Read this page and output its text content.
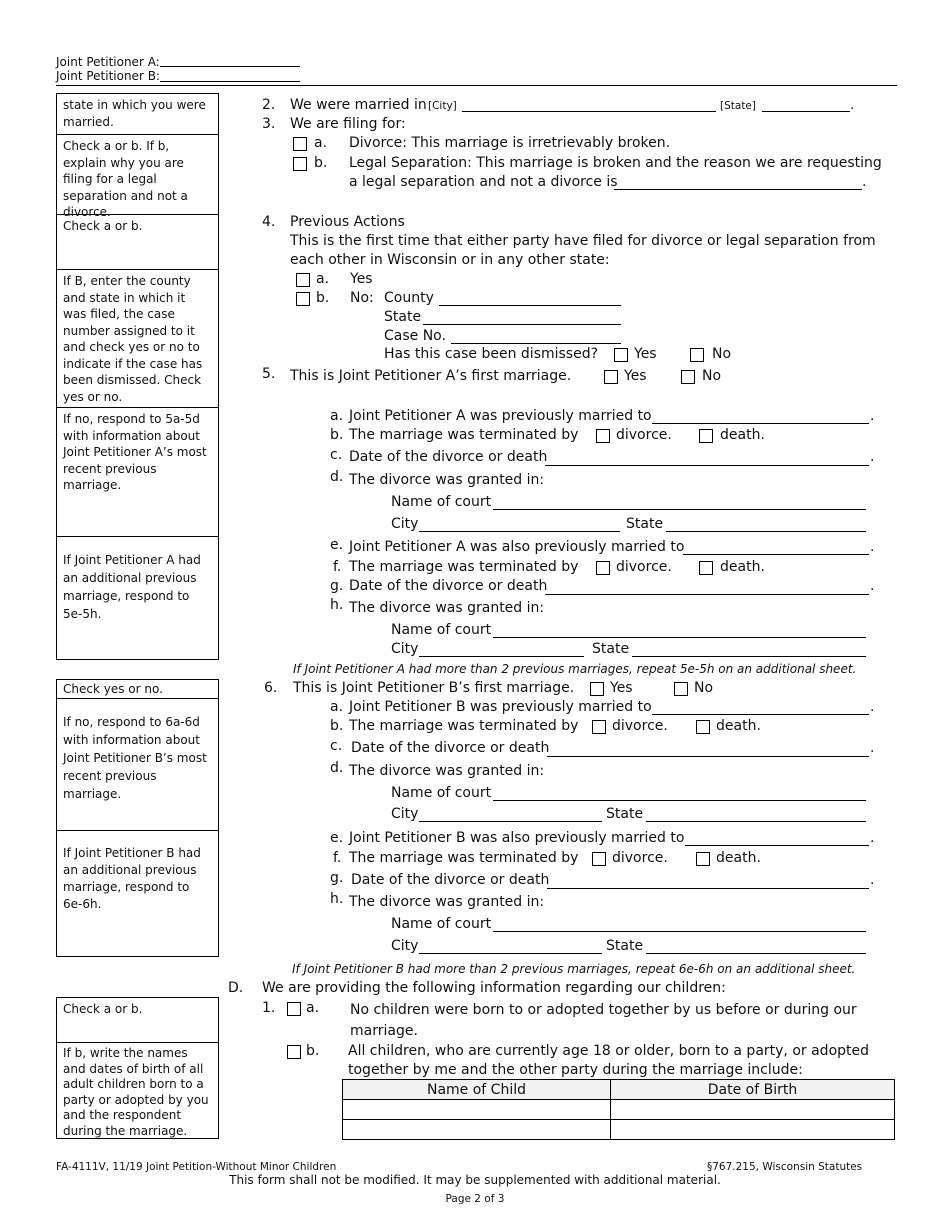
Joint Petitioner A:
Joint Petitioner B:
state in which you were married.
Check a or b. If b, explain why you are filing for a legal separation and not a divorce.
Check a or b.
If B, enter the county and state in which it was filed, the case number assigned to it and check yes or no to indicate if the case has been dismissed. Check yes or no.
If no, respond to 5a-5d with information about Joint Petitioner A’s most recent previous marriage.
If Joint Petitioner A had an additional previous marriage, respond to 5e-5h.
Check yes or no.
If no, respond to 6a-6d with information about Joint Petitioner B’s most recent previous marriage.
If Joint Petitioner B had an additional previous marriage, respond to 6e-6h.
Check a or b.
If b, write the names and dates of birth of all adult children born to a party or adopted by you and the respondent during the marriage.
2. We were married in [City]	[State]	.
3. We are filing for:
a. Divorce: This marriage is irretrievably broken.
b. Legal Separation: This marriage is broken and the reason we are requesting
a legal separation and not a divorce is	.
4. Previous Actions
This is the first time that either party have filed for divorce or legal separation from
each other in Wisconsin or in any other state:
a. Yes
b. No: County
State
Case No.
Has this case been dismissed?	Yes	No
5. This is Joint Petitioner A’s first marriage.	Yes	No
a. Joint Petitioner A was previously married to	.
b. The marriage was terminated by	divorce.	death.
c. Date of the divorce or death	.
d. The divorce was granted in:
Name of court
City	State
e. Joint Petitioner A was also previously married to	.
f. The marriage was terminated by	divorce.	death.
g. Date of the divorce or death	.
h. The divorce was granted in:
Name of court
City	State
If Joint Petitioner A had more than 2 previous marriages, repeat 5e-5h on an additional sheet.
6. This is Joint Petitioner B’s first marriage.	Yes	No
a. Joint Petitioner B was previously married to	.
b. The marriage was terminated by divorce.	death.
c. Date of the divorce or death	.
d. The divorce was granted in:
Name of court
City	State
e. Joint Petitioner B was also previously married to	.
f. The marriage was terminated by divorce.	death.
g. Date of the divorce or death	.
h. The divorce was granted in:
Name of court
City	State
If Joint Petitioner B had more than 2 previous marriages, repeat 6e-6h on an additional sheet.
D. We are providing the following information regarding our children:
1. a. No children were born to or adopted together by us before or during our
marriage.
b. All children, who are currently age 18 or older, born to a party, or adopted
together by me and the other party during the marriage include:
Name of Child	Date of Birth

FA-4111V, 11/19 Joint Petition-Without Minor Children	§767.215, Wisconsin Statutes
This form shall not be modified. It may be supplemented with additional material.
Page 2 of 3
